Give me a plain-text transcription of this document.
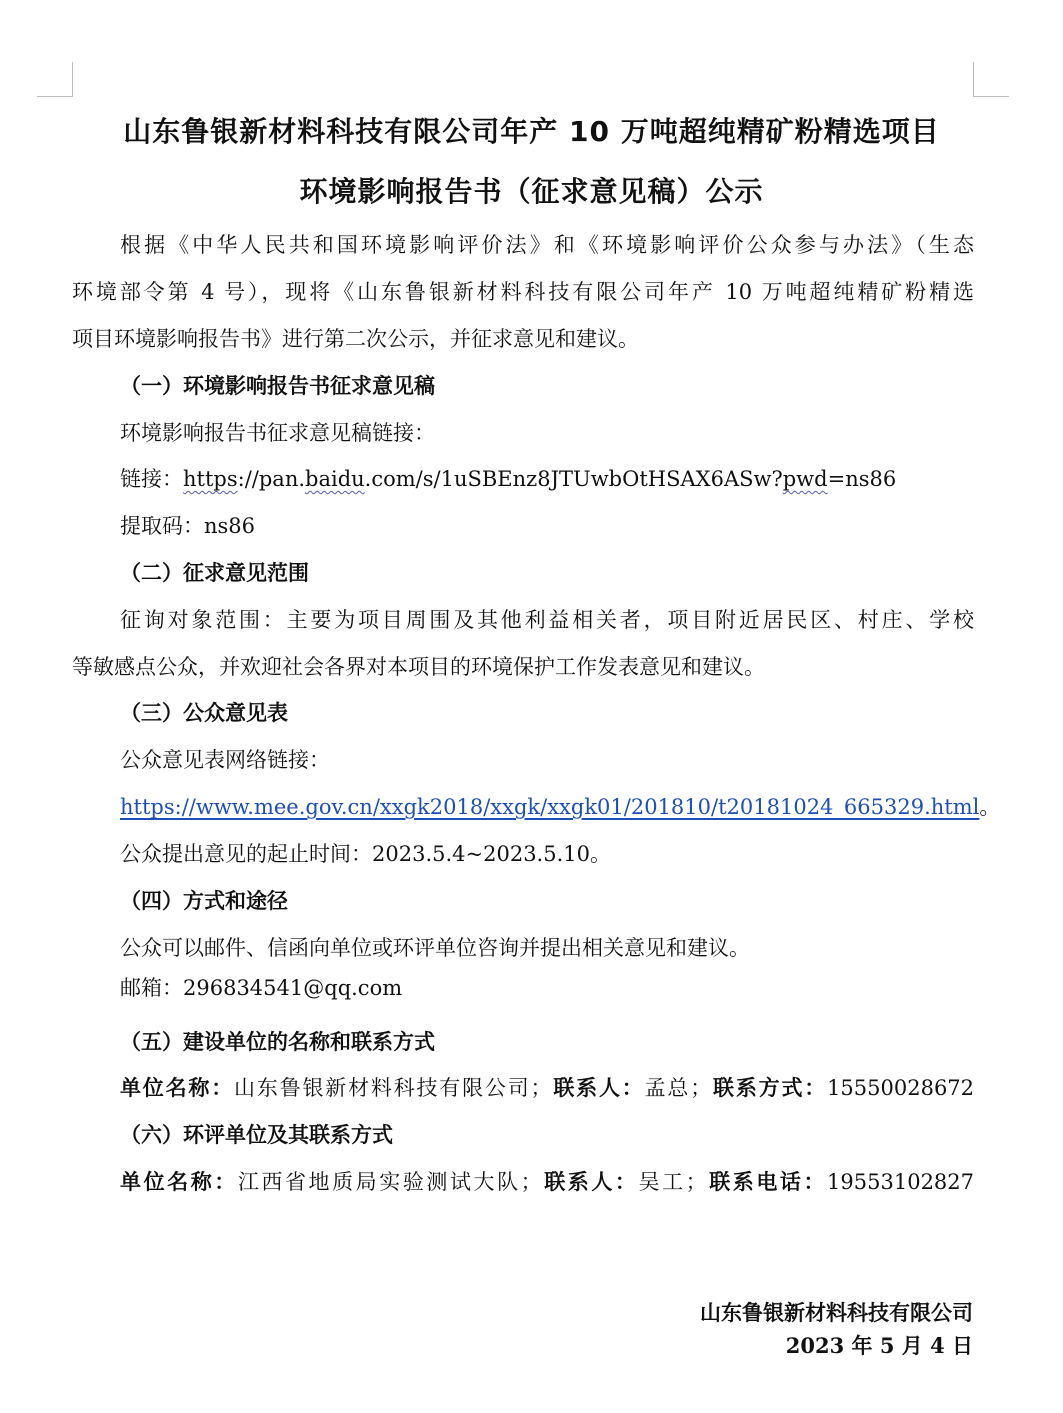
山东鲁银新材料科技有限公司年产 10 万吨超纯精矿粉精选项目
环境影响报告书（征求意见稿）公示
根据《中华人民共和国环境影响评价法》和《环境影响评价公众参与办法》（生态
环境部令第 4 号），现将《山东鲁银新材料科技有限公司年产 10 万吨超纯精矿粉精选
项目环境影响报告书》进行第二次公示，并征求意见和建议。
（一）环境影响报告书征求意见稿
环境影响报告书征求意见稿链接：
链接：https://pan.baidu.com/s/1uSBEnz8JTUwbOtHSAX6ASw?pwd=ns86
提取码：ns86
（二）征求意见范围
征询对象范围：主要为项目周围及其他利益相关者，项目附近居民区、村庄、学校
等敏感点公众，并欢迎社会各界对本项目的环境保护工作发表意见和建议。
（三）公众意见表
公众意见表网络链接：
https://www.mee.gov.cn/xxgk2018/xxgk/xxgk01/201810/t20181024_665329.html。
公众提出意见的起止时间：2023.5.4~2023.5.10。
（四）方式和途径
公众可以邮件、信函向单位或环评单位咨询并提出相关意见和建议。
邮箱：296834541@qq.com
（五）建设单位的名称和联系方式
单位名称：山东鲁银新材料科技有限公司；联系人：孟总；联系方式：15550028672
（六）环评单位及其联系方式
单位名称：江西省地质局实验测试大队；联系人：吴工；联系电话：19553102827
山东鲁银新材料科技有限公司
2023 年 5 月 4 日
